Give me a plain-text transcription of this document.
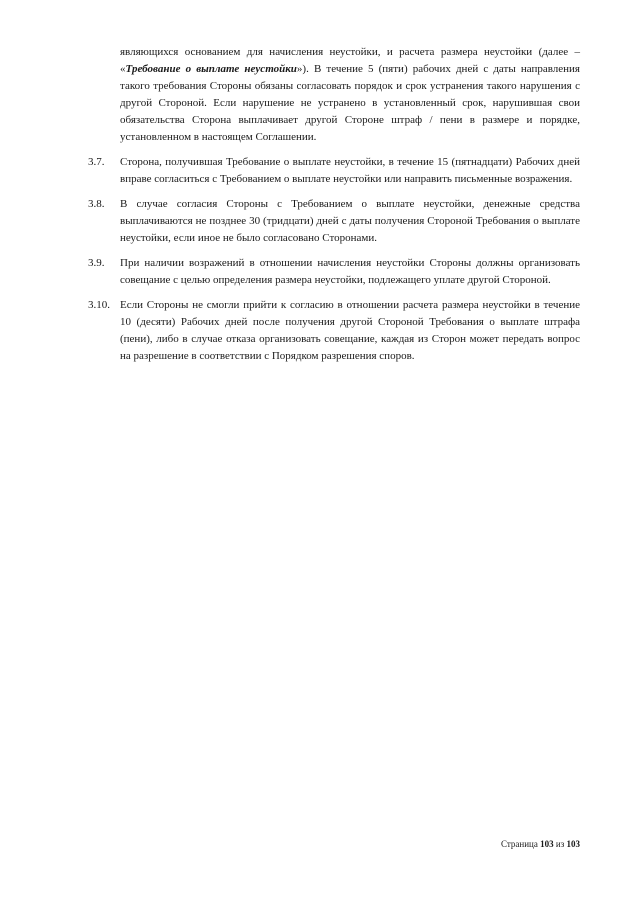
являющихся основанием для начисления неустойки, и расчета размера неустойки (далее – «Требование о выплате неустойки»). В течение 5 (пяти) рабочих дней с даты направления такого требования Стороны обязаны согласовать порядок и срок устранения такого нарушения с другой Стороной. Если нарушение не устранено в установленный срок, нарушившая свои обязательства Сторона выплачивает другой Стороне штраф / пени в размере и порядке, установленном в настоящем Соглашении.

3.7.	Сторона, получившая Требование о выплате неустойки, в течение 15 (пятнадцати) Рабочих дней вправе согласиться с Требованием о выплате неустойки или направить письменные возражения.
3.8.	В случае согласия Стороны с Требованием о выплате неустойки, денежные средства выплачиваются не позднее 30 (тридцати) дней с даты получения Стороной Требования о выплате неустойки, если иное не было согласовано Сторонами.
3.9.	При наличии возражений в отношении начисления неустойки Стороны должны организовать совещание с целью определения размера неустойки, подлежащего уплате другой Стороной.
3.10. Если Стороны не смогли прийти к согласию в отношении расчета размера неустойки в течение 10 (десяти) Рабочих дней после получения другой Стороной Требования о выплате штрафа (пени), либо в случае отказа организовать совещание, каждая из Сторон может передать вопрос на разрешение в соответствии с Порядком разрешения споров.
Страница 103 из 103
